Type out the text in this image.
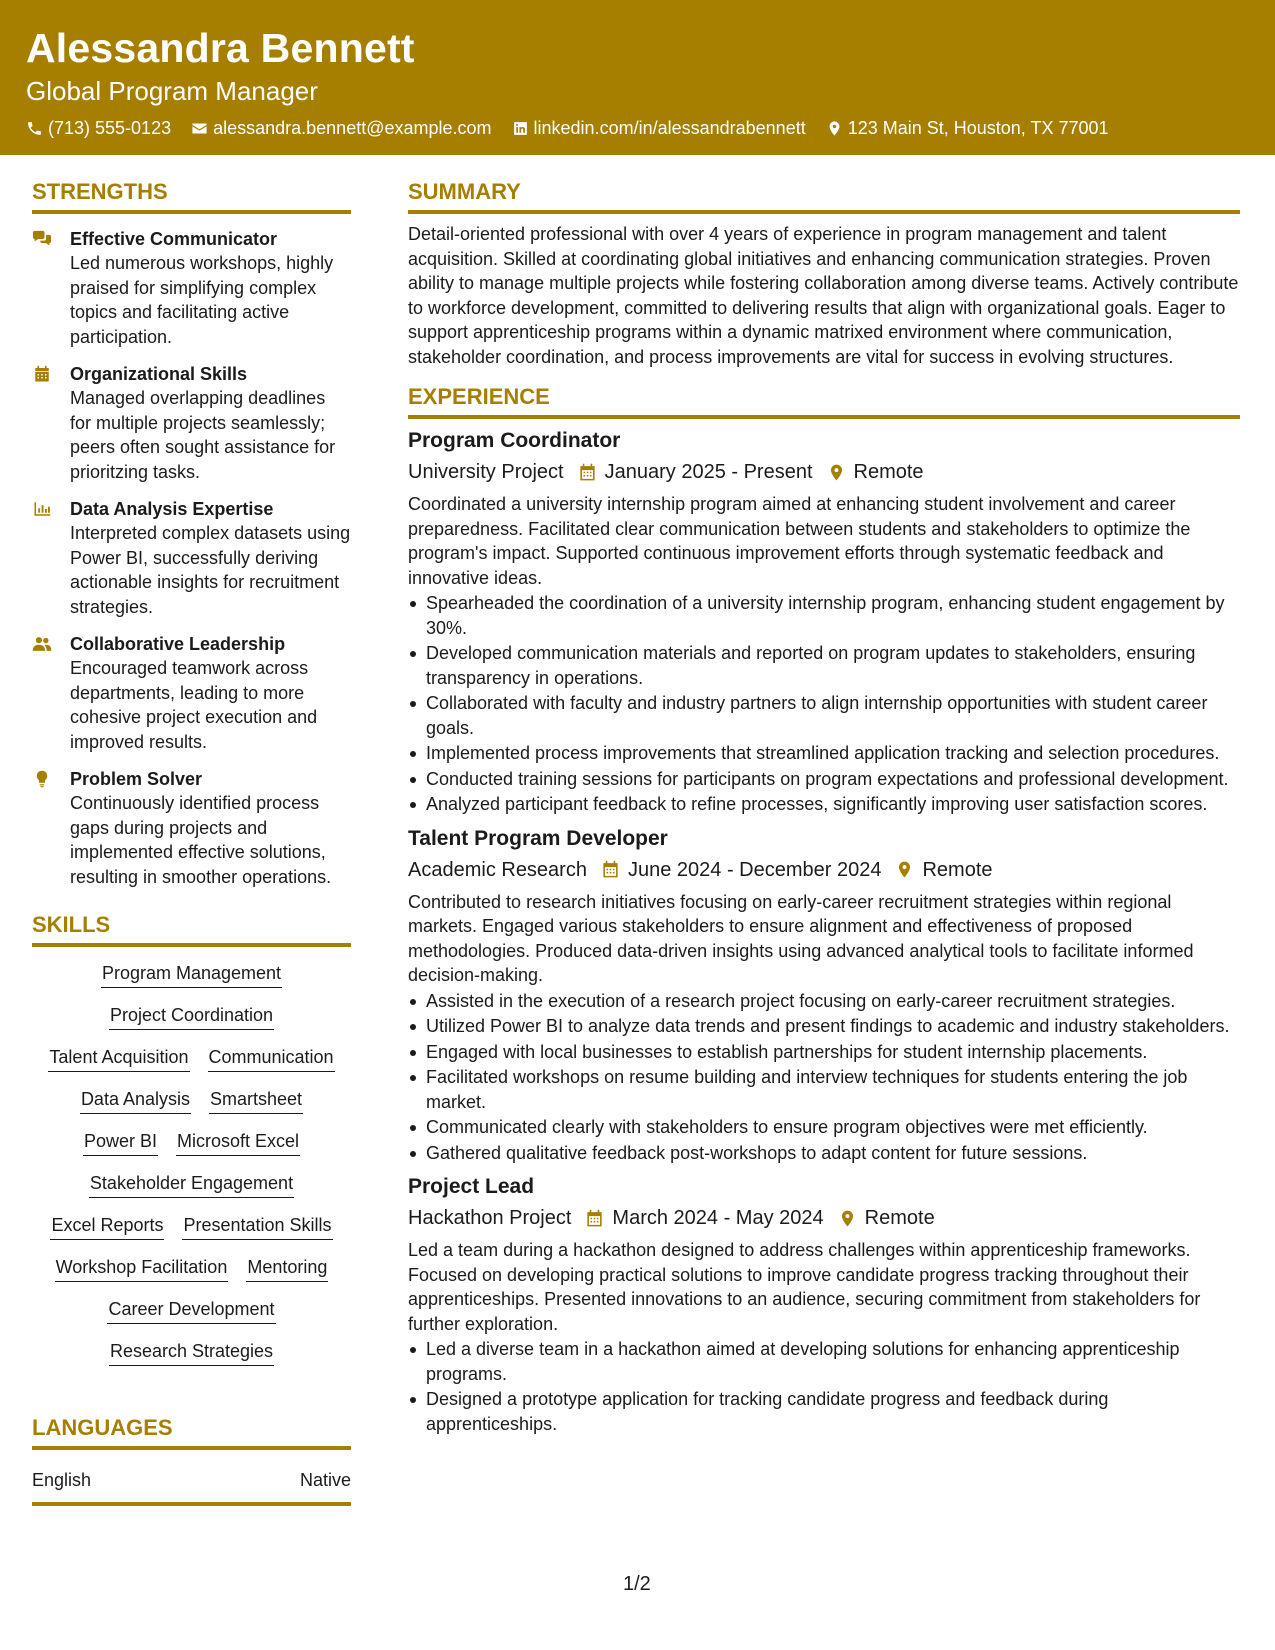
Alessandra Bennett
Global Program Manager
(713) 555-0123 alessandra.bennett@example.com linkedin.com/in/alessandrabennett 123 Main St, Houston, TX 77001
STRENGTHS
Effective Communicator
Led numerous workshops, highly praised for simplifying complex topics and facilitating active participation.
Organizational Skills
Managed overlapping deadlines for multiple projects seamlessly; peers often sought assistance for prioritzing tasks.
Data Analysis Expertise
Interpreted complex datasets using Power BI, successfully deriving actionable insights for recruitment strategies.
Collaborative Leadership
Encouraged teamwork across departments, leading to more cohesive project execution and improved results.
Problem Solver
Continuously identified process gaps during projects and implemented effective solutions, resulting in smoother operations.
SKILLS
Program Management
Project Coordination
Talent Acquisition Communication
Data Analysis Smartsheet
Power BI Microsoft Excel
Stakeholder Engagement
Excel Reports Presentation Skills
Workshop Facilitation Mentoring
Career Development
Research Strategies
LANGUAGES
English	Native
SUMMARY
Detail-oriented professional with over 4 years of experience in program management and talent acquisition. Skilled at coordinating global initiatives and enhancing communication strategies. Proven ability to manage multiple projects while fostering collaboration among diverse teams. Actively contribute to workforce development, committed to delivering results that align with organizational goals. Eager to support apprenticeship programs within a dynamic matrixed environment where communication, stakeholder coordination, and process improvements are vital for success in evolving structures.
EXPERIENCE
Program Coordinator
University Project January 2025 - Present Remote
Coordinated a university internship program aimed at enhancing student involvement and career preparedness. Facilitated clear communication between students and stakeholders to optimize the program's impact. Supported continuous improvement efforts through systematic feedback and innovative ideas.
Spearheaded the coordination of a university internship program, enhancing student engagement by 30%.
Developed communication materials and reported on program updates to stakeholders, ensuring transparency in operations.
Collaborated with faculty and industry partners to align internship opportunities with student career goals.
Implemented process improvements that streamlined application tracking and selection procedures.
Conducted training sessions for participants on program expectations and professional development.
Analyzed participant feedback to refine processes, significantly improving user satisfaction scores.
Talent Program Developer
Academic Research June 2024 - December 2024 Remote
Contributed to research initiatives focusing on early-career recruitment strategies within regional markets. Engaged various stakeholders to ensure alignment and effectiveness of proposed methodologies. Produced data-driven insights using advanced analytical tools to facilitate informed decision-making.
Assisted in the execution of a research project focusing on early-career recruitment strategies.
Utilized Power BI to analyze data trends and present findings to academic and industry stakeholders.
Engaged with local businesses to establish partnerships for student internship placements.
Facilitated workshops on resume building and interview techniques for students entering the job market.
Communicated clearly with stakeholders to ensure program objectives were met efficiently.
Gathered qualitative feedback post-workshops to adapt content for future sessions.
Project Lead
Hackathon Project March 2024 - May 2024 Remote
Led a team during a hackathon designed to address challenges within apprenticeship frameworks. Focused on developing practical solutions to improve candidate progress tracking throughout their apprenticeships. Presented innovations to an audience, securing commitment from stakeholders for further exploration.
Led a diverse team in a hackathon aimed at developing solutions for enhancing apprenticeship programs.
Designed a prototype application for tracking candidate progress and feedback during apprenticeships.
1/2
